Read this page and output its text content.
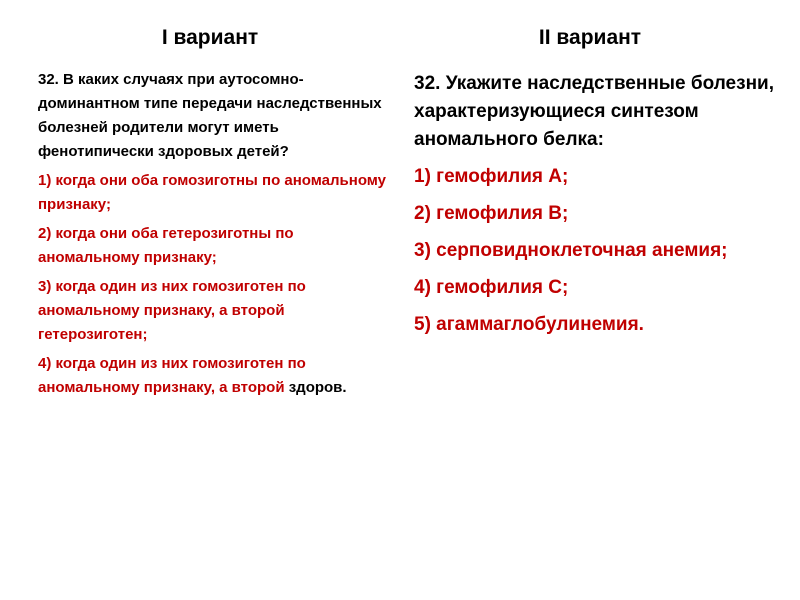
I вариант	II вариант

32. В каких случаях при аутосомно-доминантном типе передачи наследственных болезней родители могут иметь фенотипически здоровых детей?

1) когда они оба гомозиготны по аномальному признаку;
2) когда они оба гетерозиготны по аномальному признаку;
3) когда один из них гомозиготен по аномальному признаку, а второй гетерозиготен;
4) когда один из них гомозиготен по аномальному признаку, а второй здоров.

32. Укажите наследственные болезни, характеризующиеся синтезом аномального белка:

1) гемофилия А;
2) гемофилия В;
3) серповидноклеточная анемия;
4) гемофилия С;
5) агаммаглобулинемия.
